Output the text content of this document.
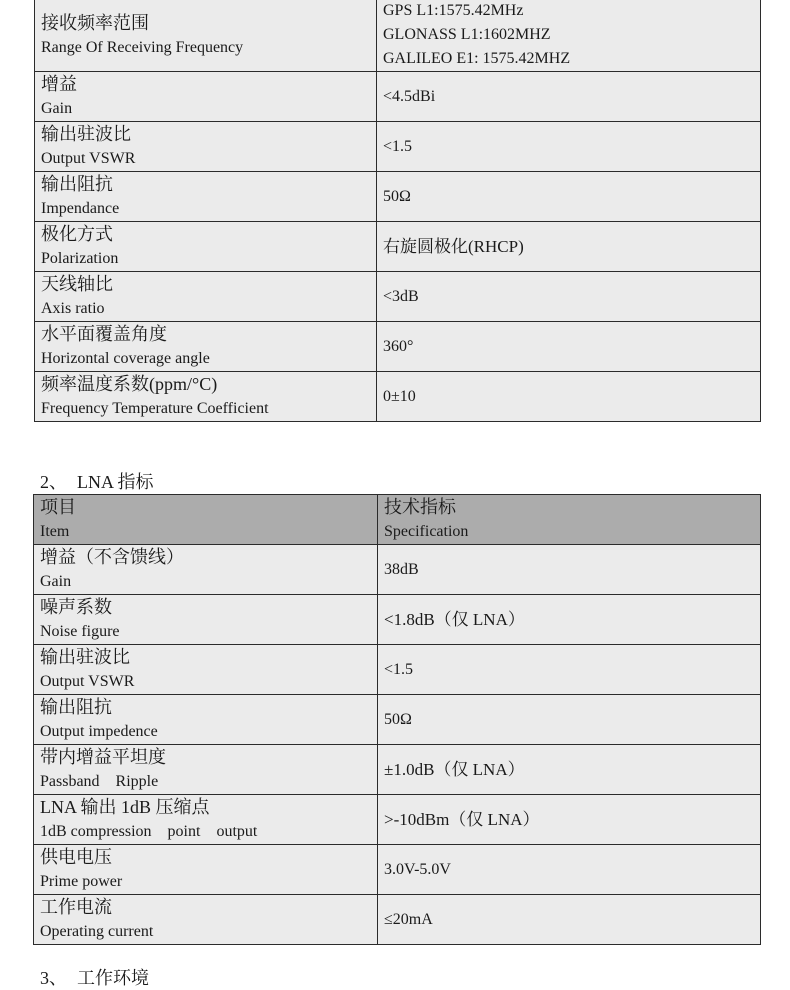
接收频率范围
Range Of Receiving Frequency	GPS L1:1575.42MHz
GLONASS L1:1602MHZ
GALILEO E1: 1575.42MHZ

增益
Gain	<4.5dBi

输出驻波比
Output VSWR	<1.5

输出阻抗
Impendance	50Ω

极化方式
Polarization	右旋圆极化(RHCP)

天线轴比
Axis ratio	<3dB

水平面覆盖角度
Horizontal coverage angle	360°

频率温度系数(ppm/°C)
Frequency Temperature Coefficient	0±10
2、 LNA 指标
项目
Item	技术指标
Specification

增益（不含馈线）
Gain	38dB

噪声系数
Noise figure	<1.8dB（仅 LNA）

输出驻波比
Output VSWR	<1.5

输出阻抗
Output impedence	50Ω

带内增益平坦度
Passband　Ripple	±1.0dB（仅 LNA）

LNA 输出 1dB 压缩点
1dB compression　point　output	>-10dBm（仅 LNA）

供电电压
Prime power	3.0V-5.0V

工作电流
Operating current	≤20mA
3、 工作环境
